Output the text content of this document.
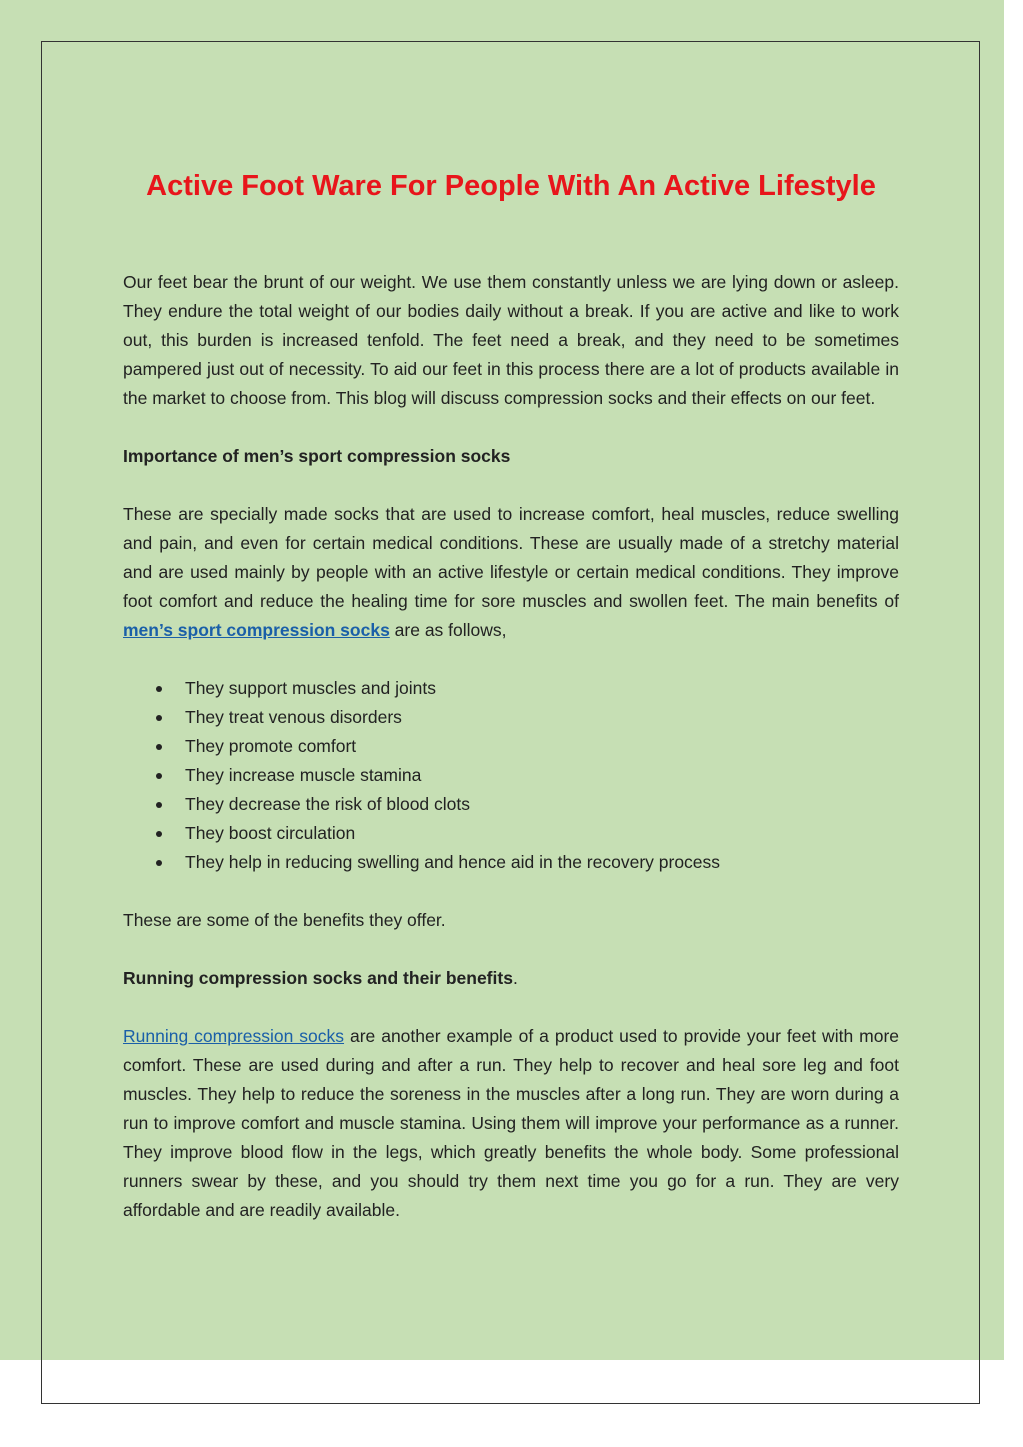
Active Foot Ware For People With An Active Lifestyle

Our feet bear the brunt of our weight. We use them constantly unless we are lying down or asleep. They endure the total weight of our bodies daily without a break. If you are active and like to work out, this burden is increased tenfold. The feet need a break, and they need to be sometimes pampered just out of necessity. To aid our feet in this process there are a lot of products available in the market to choose from. This blog will discuss compression socks and their effects on our feet.

Importance of men’s sport compression socks

These are specially made socks that are used to increase comfort, heal muscles, reduce swelling and pain, and even for certain medical conditions. These are usually made of a stretchy material and are used mainly by people with an active lifestyle or certain medical conditions. They improve foot comfort and reduce the healing time for sore muscles and swollen feet. The main benefits of men’s sport compression socks are as follows,

They support muscles and joints
They treat venous disorders
They promote comfort
They increase muscle stamina
They decrease the risk of blood clots
They boost circulation
They help in reducing swelling and hence aid in the recovery process

These are some of the benefits they offer.

Running compression socks and their benefits.

Running compression socks are another example of a product used to provide your feet with more comfort. These are used during and after a run. They help to recover and heal sore leg and foot muscles. They help to reduce the soreness in the muscles after a long run. They are worn during a run to improve comfort and muscle stamina. Using them will improve your performance as a runner. They improve blood flow in the legs, which greatly benefits the whole body. Some professional runners swear by these, and you should try them next time you go for a run. They are very affordable and are readily available.
